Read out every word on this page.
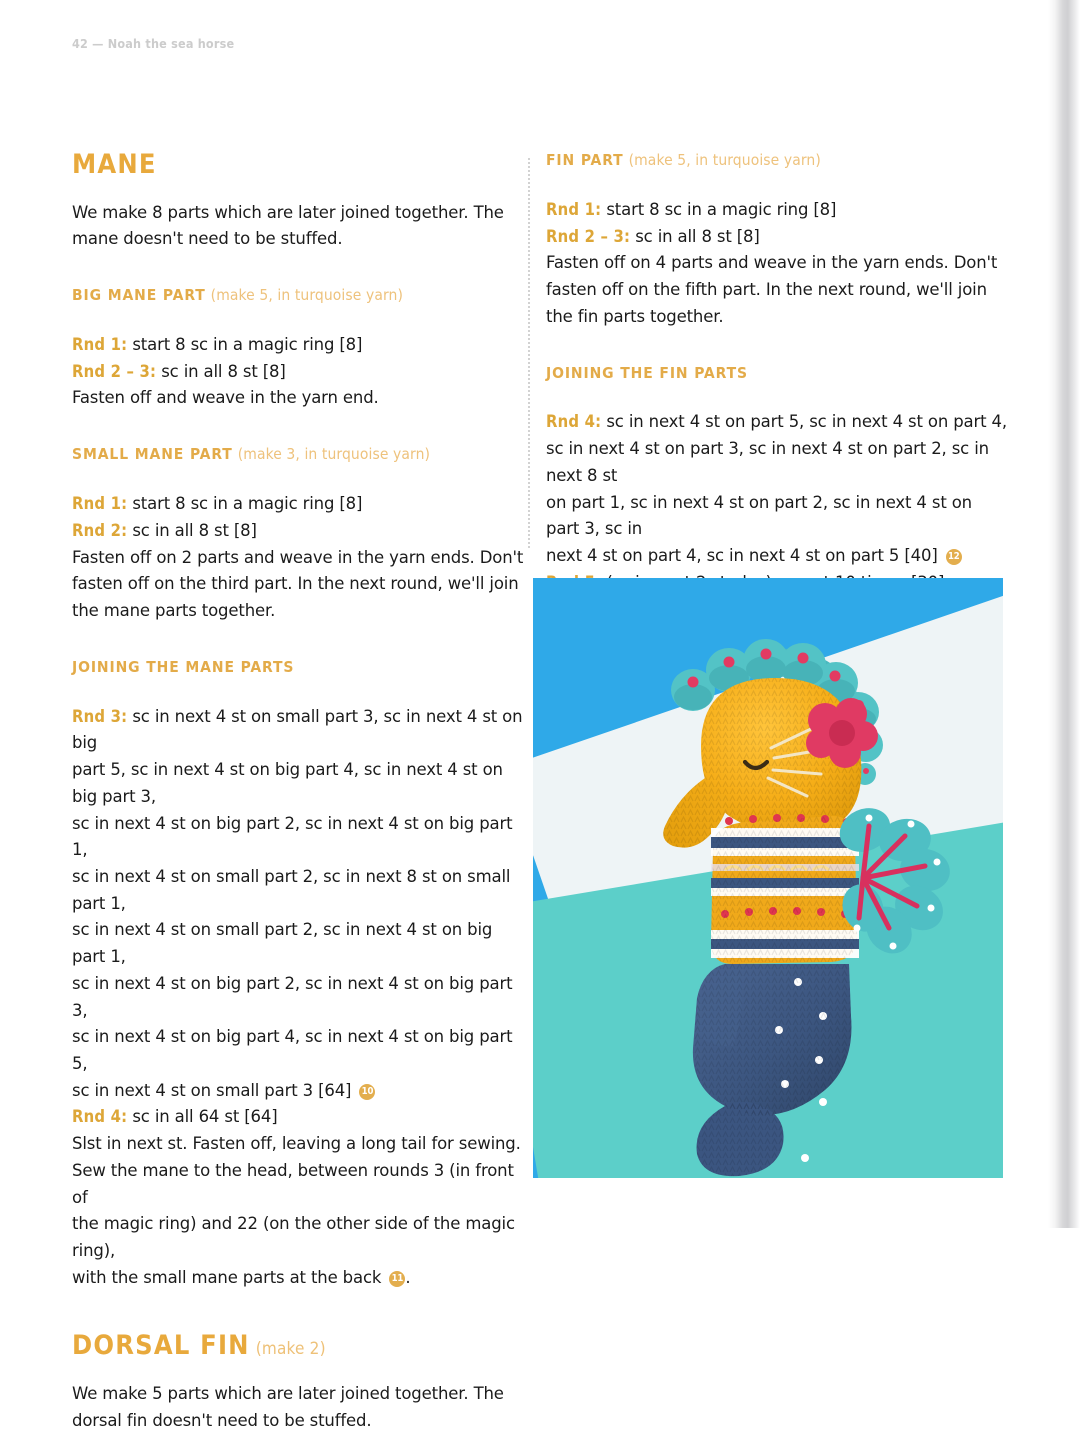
42 — Noah the sea horse
MANE

We make 8 parts which are later joined together. The mane doesn't need to be stuffed.

BIG MANE PART (make 5, in turquoise yarn)
Rnd 1: start 8 sc in a magic ring [8]
Rnd 2 – 3: sc in all 8 st [8]
Fasten off and weave in the yarn end.
SMALL MANE PART (make 3, in turquoise yarn)
Rnd 1: start 8 sc in a magic ring [8]
Rnd 2: sc in all 8 st [8]
Fasten off on 2 parts and weave in the yarn ends. Don't fasten off on the third part. In the next round, we'll join the mane parts together.
JOINING THE MANE PARTS
Rnd 3: sc in next 4 st on small part 3, sc in next 4 st on big
part 5, sc in next 4 st on big part 4, sc in next 4 st on big part 3,
sc in next 4 st on big part 2, sc in next 4 st on big part 1,
sc in next 4 st on small part 2, sc in next 8 st on small part 1,
sc in next 4 st on small part 2, sc in next 4 st on big part 1,
sc in next 4 st on big part 2, sc in next 4 st on big part 3,
sc in next 4 st on big part 4, sc in next 4 st on big part 5,
sc in next 4 st on small part 3 [64] 10
Rnd 4: sc in all 64 st [64]
Slst in next st. Fasten off, leaving a long tail for sewing.
Sew the mane to the head, between rounds 3 (in front of
the magic ring) and 22 (on the other side of the magic ring),
with the small mane parts at the back 11 .
DORSAL FIN (make 2)

We make 5 parts which are later joined together. The dorsal fin doesn't need to be stuffed.

FIN PART (make 5, in turquoise yarn)
Rnd 1: start 8 sc in a magic ring [8]
Rnd 2 – 3: sc in all 8 st [8]
Fasten off on 4 parts and weave in the yarn ends. Don't fasten off on the fifth part. In the next round, we'll join the fin parts together.
JOINING THE FIN PARTS
Rnd 4: sc in next 4 st on part 5, sc in next 4 st on part 4,
sc in next 4 st on part 3, sc in next 4 st on part 2, sc in next 8 st
on part 1, sc in next 4 st on part 2, sc in next 4 st on part 3, sc in
next 4 st on part 4, sc in next 4 st on part 5 [40] 12
